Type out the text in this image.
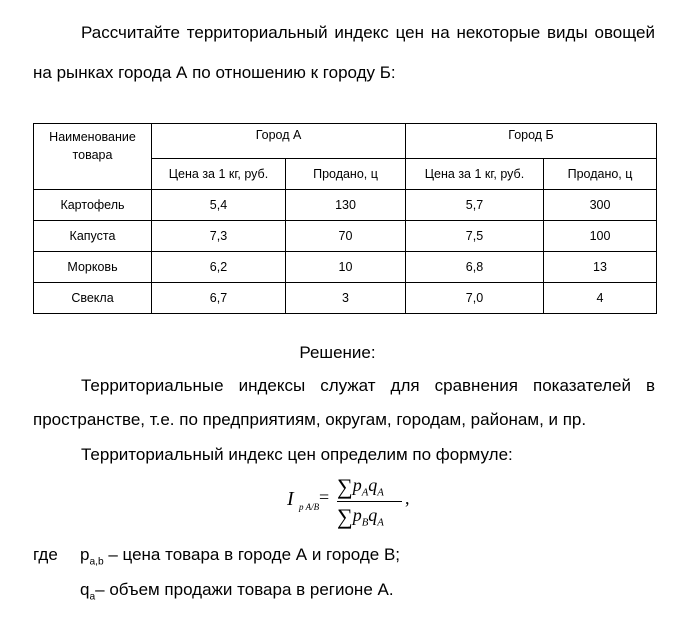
Рассчитайте территориальный индекс цен на некоторые виды овощей

на рынках города А по отношению к городу Б:

Наименование товара	Город А		Город Б	
	Цена за 1 кг, руб.	Продано, ц	Цена за 1 кг, руб.	Продано, ц
Картофель	5,4	130	5,7	300
Капуста	7,3	70	7,5	100
Морковь	6,2	10	6,8	13
Свекла	6,7	3	7,0	4

Решение:

Территориальные индексы служат для сравнения показателей в

пространстве, т.е. по предприятиям, округам, городам, районам, и пр.

Территориальный индекс цен определим по формуле:

I p $A/B = \sum p_Aq_A$
$\sum p_Bq_A$
,

где $p_{a,b}$ – цена товара в городе А и городе В;

$q_a-$ объем продажи товара в регионе А.
